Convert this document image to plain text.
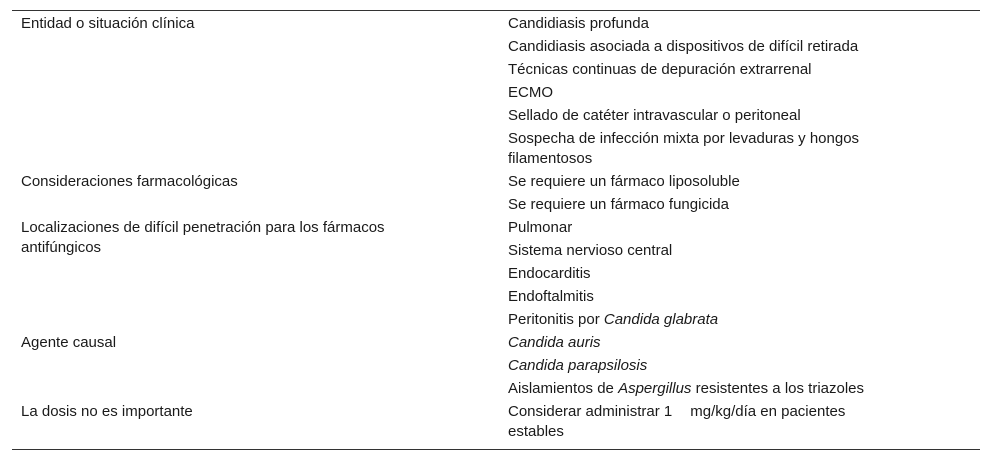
Entidad o situación clínica	Candidiasis profunda
	Candidiasis asociada a dispositivos de difícil retirada
	Técnicas continuas de depuración extrarrenal
	ECMO
	Sellado de catéter intravascular o peritoneal
	Sospecha de infección mixta por levaduras y hongos filamentosos
Consideraciones farmacológicas	Se requiere un fármaco liposoluble
	Se requiere un fármaco fungicida
Localizaciones de difícil penetración para los fármacos antifúngicos	Pulmonar
	Sistema nervioso central
	Endocarditis
	Endoftalmitis
	Peritonitis por Candida glabrata
Agente causal	Candida auris
	Candida parapsilosis
	Aislamientos de Aspergillus resistentes a los triazoles
La dosis no es importante	Considerar administrar 1 mg/kg/día en pacientes estables
